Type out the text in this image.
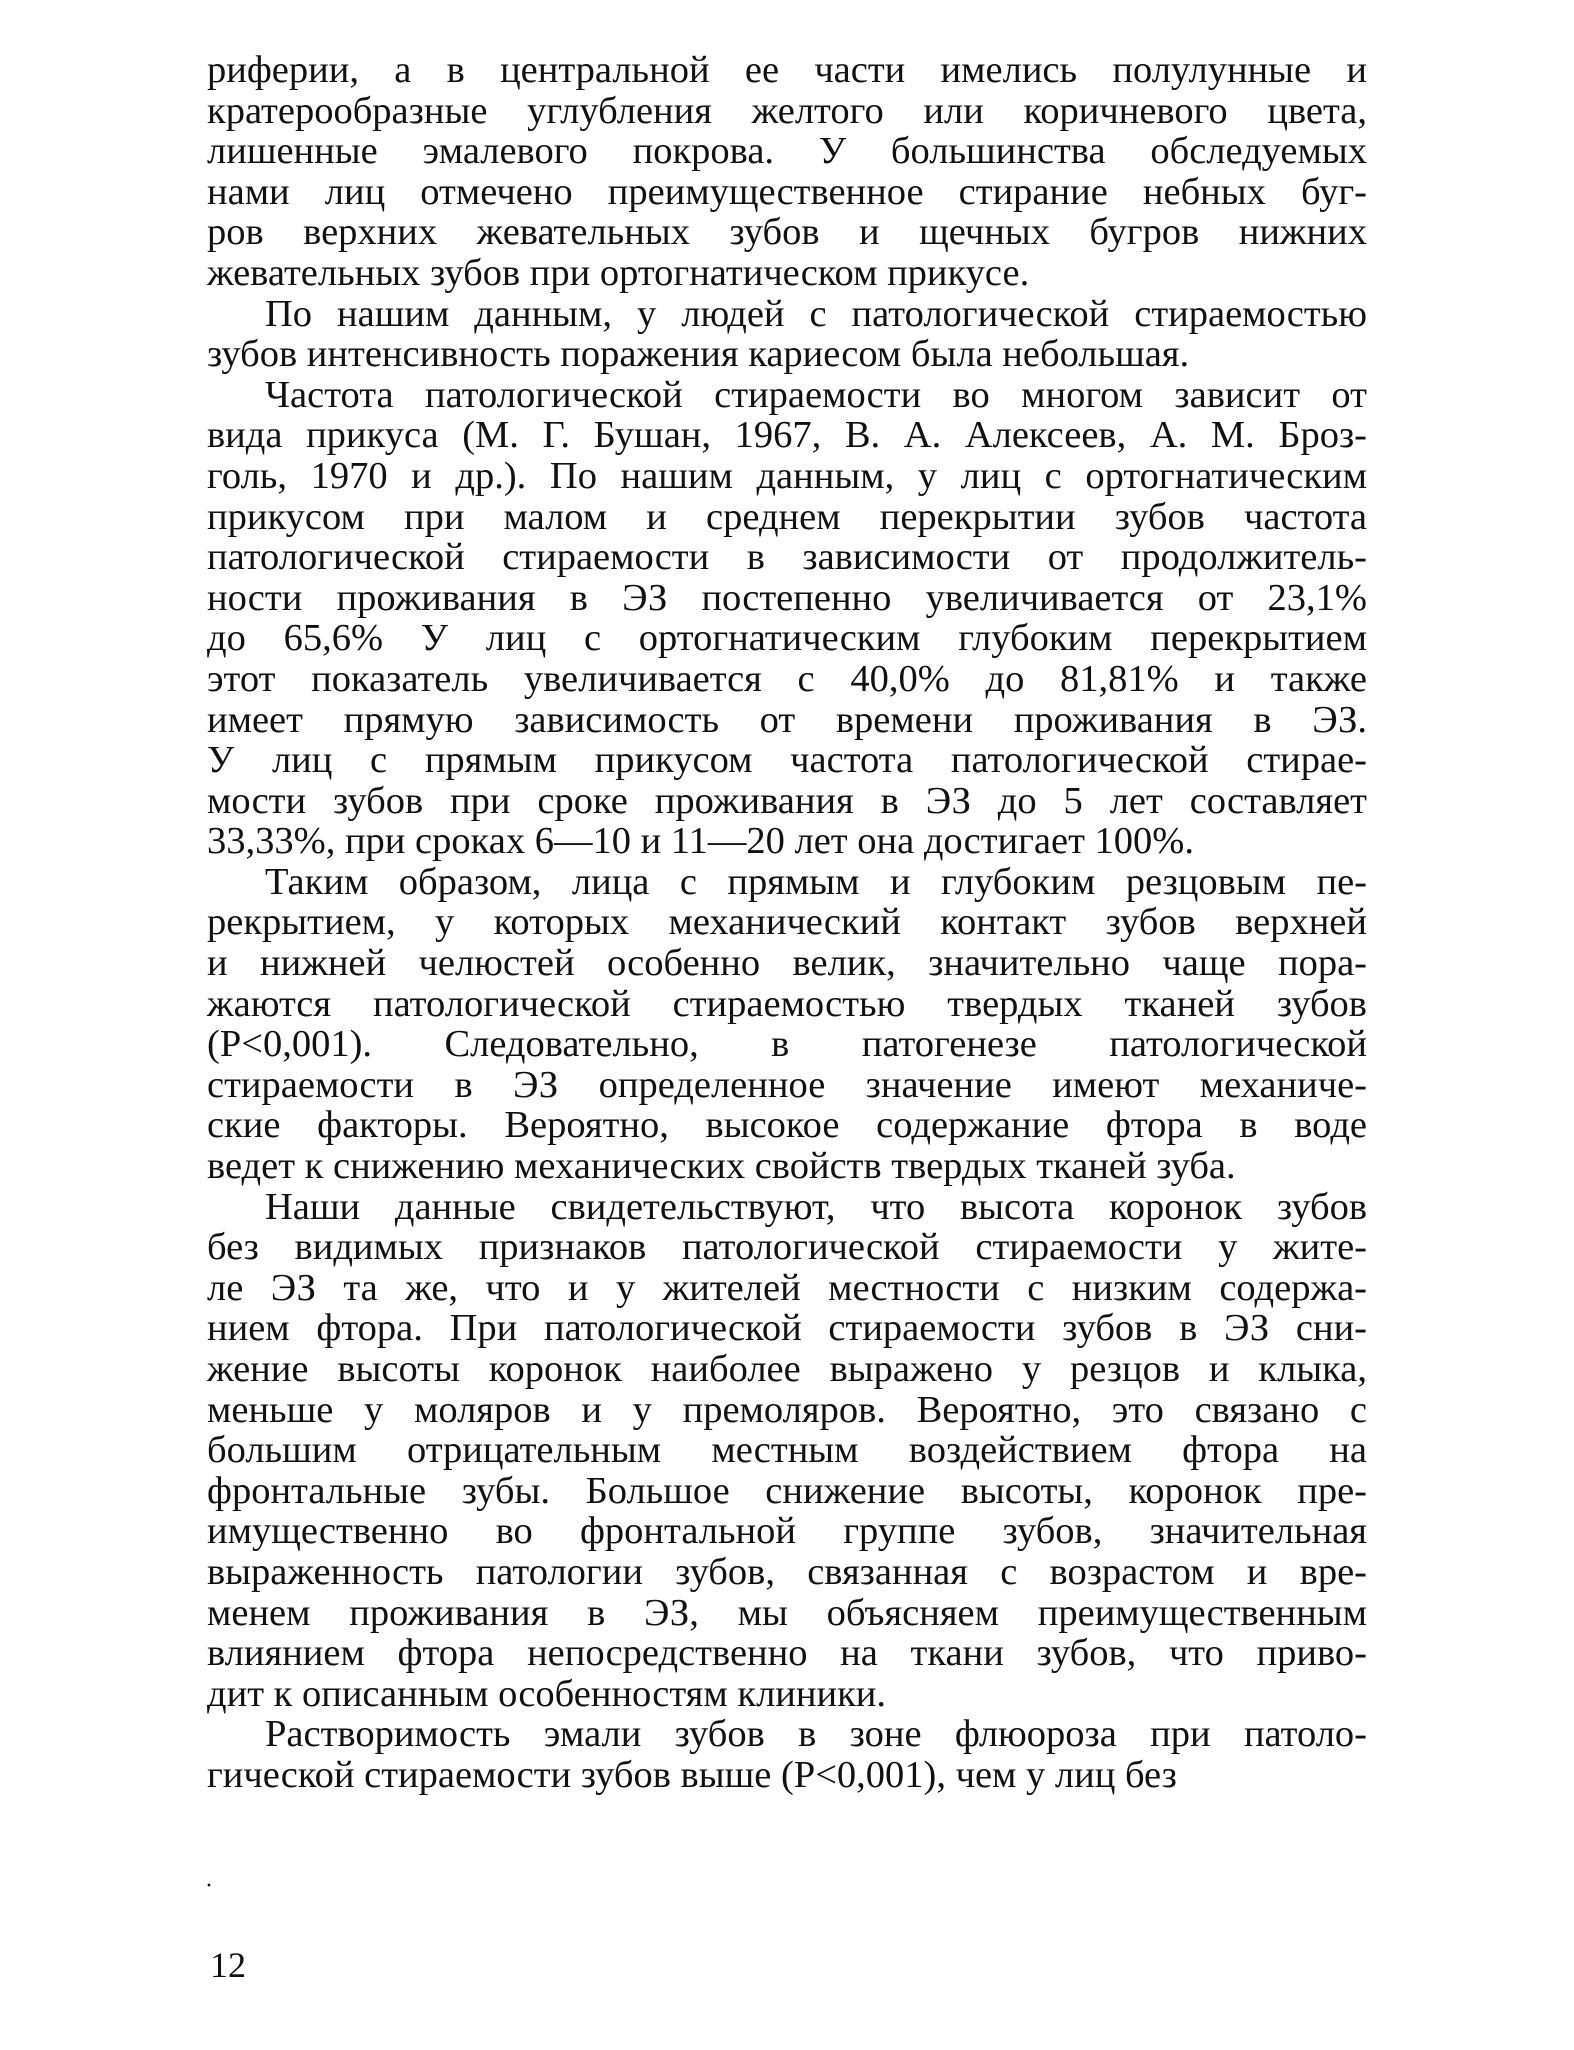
риферии, а в центральной ее части имелись полулунные и
кратерообразные углубления желтого или коричневого цвета,
лишенные эмалевого покрова. У большинства обследуемых
нами лиц отмечено преимущественное стирание небных буг-
ров верхних жевательных зубов и щечных бугров нижних
жевательных зубов при ортогнатическом прикусе.

По нашим данным, у людей с патологической стираемостью
зубов интенсивность поражения кариесом была небольшая.

Частота патологической стираемости во многом зависит от
вида прикуса (М. Г. Бушан, 1967, В. А. Алексеев, А. М. Броз-
голь, 1970 и др.). По нашим данным, у лиц с ортогнатическим
прикусом при малом и среднем перекрытии зубов частота
патологической стираемости в зависимости от продолжитель-
ности проживания в ЭЗ постепенно увеличивается от 23,1%
до 65,6% У лиц с ортогнатическим глубоким перекрытием
этот показатель увеличивается с 40,0% до 81,81% и также
имеет прямую зависимость от времени проживания в ЭЗ.
У лиц с прямым прикусом частота патологической стирае-
мости зубов при сроке проживания в ЭЗ до 5 лет составляет
33,33%, при сроках 6—10 и 11—20 лет она достигает 100%.

Таким образом, лица с прямым и глубоким резцовым пе-
рекрытием, у которых механический контакт зубов верхней
и нижней челюстей особенно велик, значительно чаще пора-
жаются патологической стираемостью твердых тканей зубов
(Р<0,001). Следовательно, в патогенезе патологической
стираемости в ЭЗ определенное значение имеют механиче-
ские факторы. Вероятно, высокое содержание фтора в воде
ведет к снижению механических свойств твердых тканей зуба.

Наши данные свидетельствуют, что высота коронок зубов
без видимых признаков патологической стираемости у жите-
ле ЭЗ та же, что и у жителей местности с низким содержа-
нием фтора. При патологической стираемости зубов в ЭЗ сни-
жение высоты коронок наиболее выражено у резцов и клыка,
меньше у моляров и у премоляров. Вероятно, это связано с
большим отрицательным местным воздействием фтора на
фронтальные зубы. Большое снижение высоты, коронок пре-
имущественно во фронтальной группе зубов, значительная
выраженность патологии зубов, связанная с возрастом и вре-
менем проживания в ЭЗ, мы объясняем преимущественным
влиянием фтора непосредственно на ткани зубов, что приво-
дит к описанным особенностям клиники.

Растворимость эмали зубов в зоне флюороза при патоло-
гической стираемости зубов выше (Р<0,001), чем у лиц без

·
12
